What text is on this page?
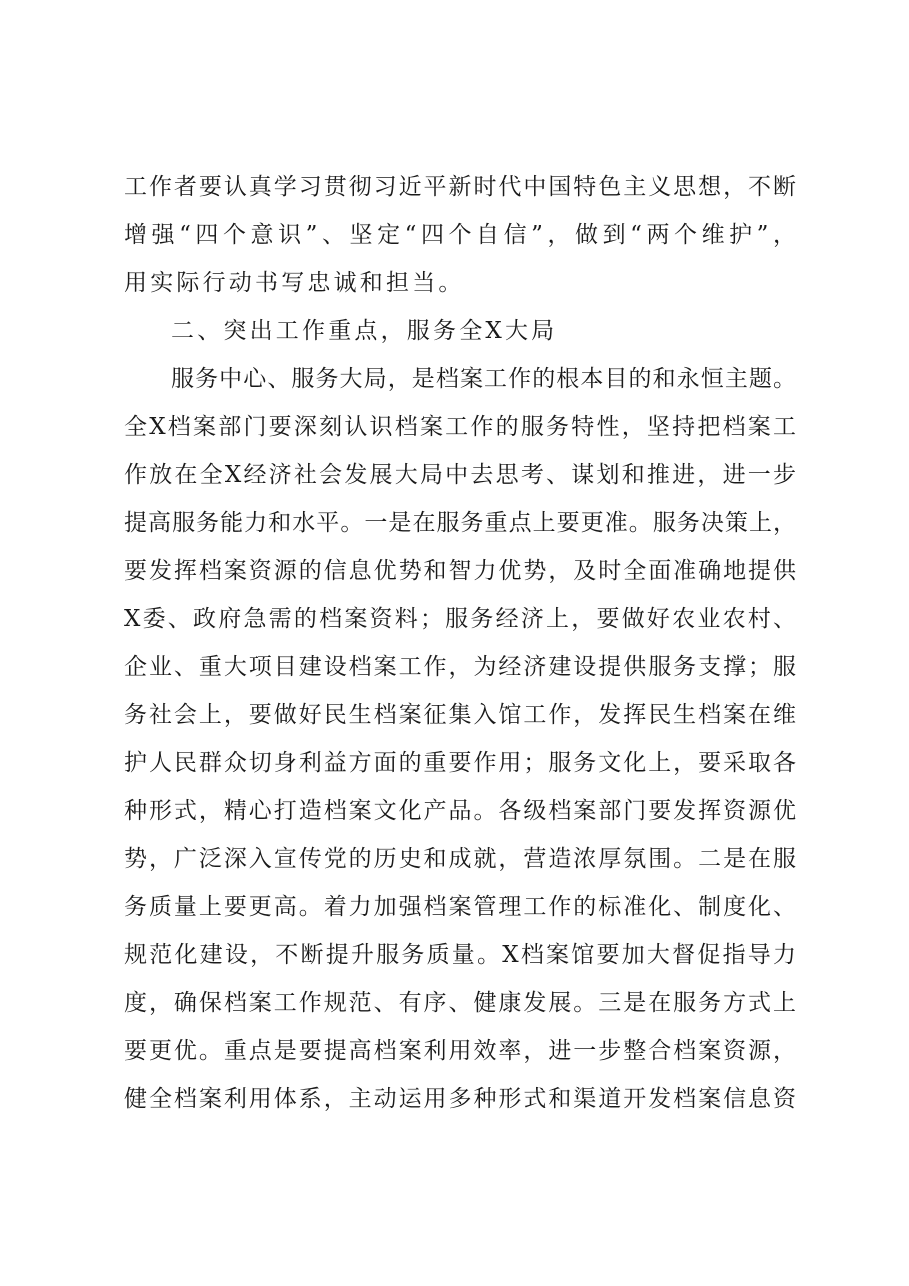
工作者要认真学习贯彻习近平新时代中国特色主义思想，不断
增强“四个意识”、坚定“四个自信”，做到“两个维护”，
用实际行动书写忠诚和担当。
二、突出工作重点，服务全X大局
服务中心、服务大局，是档案工作的根本目的和永恒主题。
全X档案部门要深刻认识档案工作的服务特性，坚持把档案工
作放在全X经济社会发展大局中去思考、谋划和推进，进一步
提高服务能力和水平。一是在服务重点上要更准。服务决策上，
要发挥档案资源的信息优势和智力优势，及时全面准确地提供
X委、政府急需的档案资料；服务经济上，要做好农业农村、
企业、重大项目建设档案工作，为经济建设提供服务支撑；服
务社会上，要做好民生档案征集入馆工作，发挥民生档案在维
护人民群众切身利益方面的重要作用；服务文化上，要采取各
种形式，精心打造档案文化产品。各级档案部门要发挥资源优
势，广泛深入宣传党的历史和成就，营造浓厚氛围。二是在服
务质量上要更高。着力加强档案管理工作的标准化、制度化、
规范化建设，不断提升服务质量。X档案馆要加大督促指导力
度，确保档案工作规范、有序、健康发展。三是在服务方式上
要更优。重点是要提高档案利用效率，进一步整合档案资源，
健全档案利用体系，主动运用多种形式和渠道开发档案信息资
